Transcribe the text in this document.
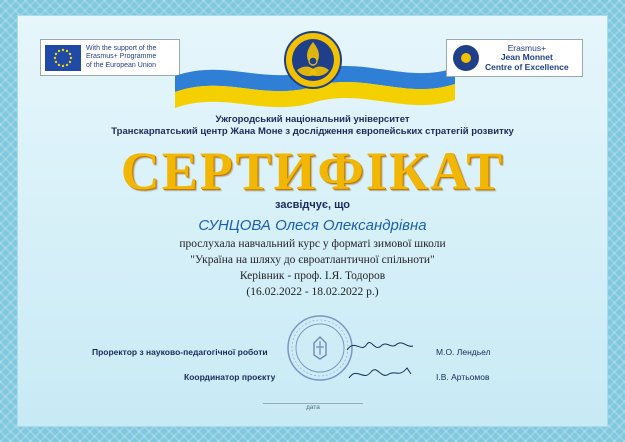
With the support of the
Erasmus+ Programme
of the European Union
Erasmus+
Jean Monnet
Centre of Excellence
Ужгородський національний університет
Транскарпатський центр Жана Моне з дослідження європейських стратегій розвитку
СЕРТИФІКАТ
засвідчує, що
СУНЦОВА Олеся Олександрівна
прослухала навчальний курс у форматі зимової школи
"Україна на шляху до євроатлантичної спільноти"
Керівник - проф. І.Я. Тодоров
(16.02.2022 - 18.02.2022 р.)
Проректор з науково-педагогічної роботи	М.О. Лендьел
Координатор проєкту	І.В. Артьомов
дата
